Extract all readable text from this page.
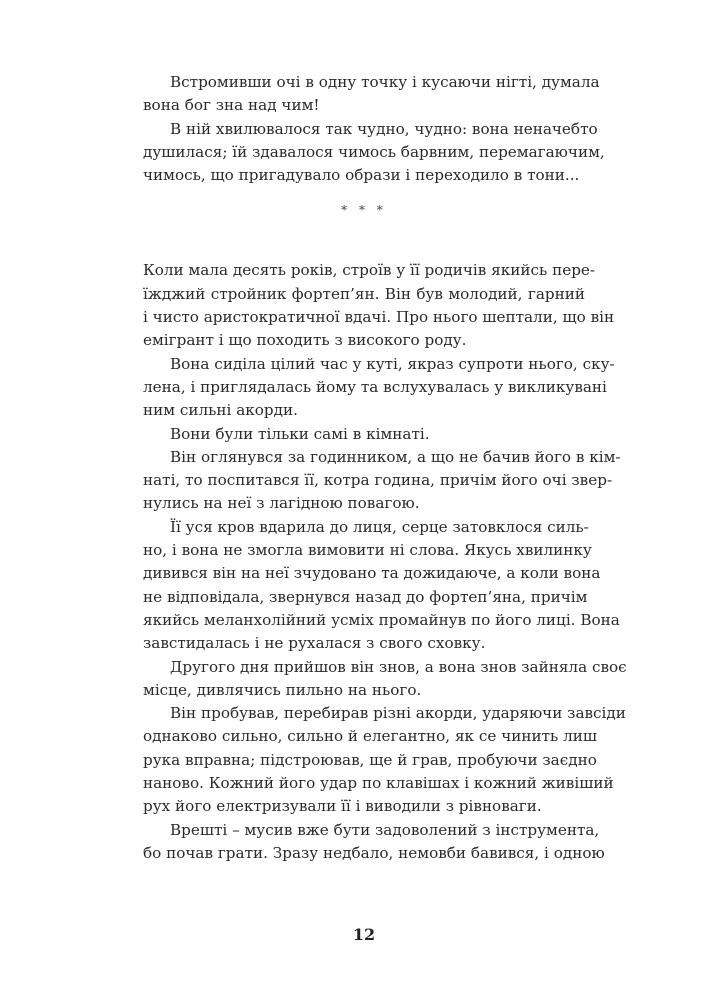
Встромивши очі в одну точку і кусаючи нігті, думала
вона бог зна над чим!
В ній хвилювалося так чудно, чудно: вона неначебто
душилася; їй здавалося чимось барвним, перемагаючим,
чимось, що пригадувало образи і переходило в тони...
* * *
Коли мала десять років, строїв у її родичів якийсь пере-
їжджий стройник фортеп’ян. Він був молодий, гарний
і чисто аристократичної вдачі. Про нього шептали, що він
емігрант і що походить з високого роду.
Вона сиділа цілий час у куті, якраз супроти нього, ску-
лена, і приглядалась йому та вслухувалась у викликувані
ним сильні акорди.
Вони були тільки самі в кімнаті.
Він оглянувся за годинником, а що не бачив його в кім-
наті, то поспитався її, котра година, причім його очі звер-
нулись на неї з лагідною повагою.
Її уся кров вдарила до лиця, серце затовклося силь-
но, і вона не змогла вимовити ні слова. Якусь хвилинку
дивився він на неї зчудовано та дожидаюче, а коли вона
не відповідала, звернувся назад до фортеп’яна, причім
якийсь меланхолійний усміх промайнув по його лиці. Вона
завстидалась і не рухалася з свого сховку.
Другого дня прийшов він знов, а вона знов зайняла своє
місце, дивлячись пильно на нього.
Він пробував, перебирав різні акорди, ударяючи завсіди
однаково сильно, сильно й елегантно, як се чинить лиш
рука вправна; підстроював, ще й грав, пробуючи заєдно
наново. Кожний його удар по клавішах і кожний живіший
рух його електризували її і виводили з рівноваги.
Врешті – мусив вже бути задоволений з інструмента,
бо почав грати. Зразу недбало, немовби бавився, і одною
12
